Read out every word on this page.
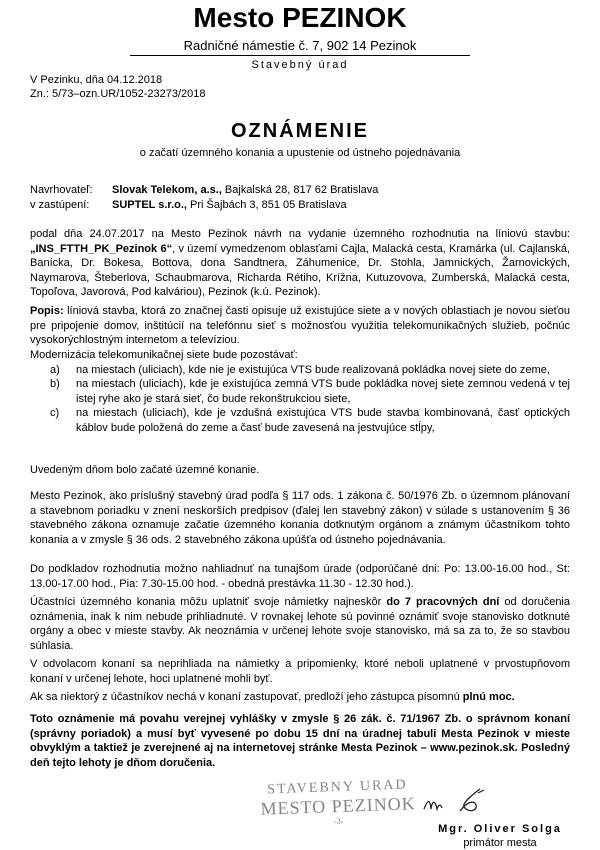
Mesto PEZINOK
Radničné námestie č. 7, 902 14 Pezinok
Stavebný úrad
V Pezinku, dňa 04.12.2018
Zn.: 5/73–ozn.UR/1052-23273/2018
OZNÁMENIE
o začatí územného konania a upustenie od ústneho pojednávania
Navrhovateľ: Slovak Telekom, a.s., Bajkalská 28, 817 62 Bratislava
v zastúpení: SUPTEL s.r.o., Pri Šajbách 3, 851 05 Bratislava
podal dňa 24.07.2017 na Mesto Pezinok návrh na vydanie územného rozhodnutia na líniovú stavbu: „INS_FTTH_PK_Pezinok 6“, v území vymedzenom oblasťami Cajla, Malacká cesta, Kramárka (ul. Cajlanská, Banícka, Dr. Bokesa, Bottova, dona Sandtnera, Záhumenice, Dr. Stohla, Jamnických, Žarnovických, Naymarova, Šteberlova, Schaubmarova, Richarda Rétiho, Krížna, Kutuzovova, Zumberská, Malacká cesta, Topoľova, Javorová, Pod kalváriou), Pezinok (k.ú. Pezinok).
Popis: líniová stavba, ktorá zo značnej časti opisuje už existujúce siete a v nových oblastiach je novou sieťou pre pripojenie domov, inštitúcií na telefónnu sieť s možnosťou využitia telekomunikačných služieb, počnúc vysokorýchlostným internetom a televíziou.
Modernizácia telekomunikačnej siete bude pozostávať:
a)	na miestach (uliciach), kde nie je existujúca VTS bude realizovaná pokládka novej siete do zeme,
b)	na miestach (uliciach), kde je existujúca zemná VTS bude pokládka novej siete zemnou vedená v tej istej ryhe ako je stará sieť, čo bude rekonštrukciou siete,
c)	na miestach (uliciach), kde je vzdušná existujúca VTS bude stavba kombinovaná, časť optických káblov bude položená do zeme a časť bude zavesená na jestvujúce stĺpy,
Uvedeným dňom bolo začaté územné konanie.
Mesto Pezinok, ako príslušný stavebný úrad podľa § 117 ods. 1 zákona č. 50/1976 Zb. o územnom plánovaní a stavebnom poriadku v znení neskorších predpisov (ďalej len stavebný zákon) v súlade s ustanovením § 36 stavebného zákona oznamuje začatie územného konania dotknutým orgánom a známym účastníkom tohto konania a v zmysle § 36 ods. 2 stavebného zákona upúšťa od ústneho pojednávania.
Do podkladov rozhodnutia možno nahliadnuť na tunajšom úrade (odporúčané dni: Po: 13.00-16.00 hod., St: 13.00-17.00 hod., Pia: 7.30-15.00 hod. - obedná prestávka 11.30 - 12.30 hod.).
Účastníci územného konania môžu uplatniť svoje námietky najneskôr do 7 pracovných dní od doručenia oznámenia, inak k nim nebude prihliadnuté. V rovnakej lehote sú povinné oznámiť svoje stanovisko dotknuté orgány a obec v mieste stavby. Ak neoznámia v určenej lehote svoje stanovisko, má sa za to, že so stavbou súhlasia.
V odvolacom konaní sa neprihliada na námietky a pripomienky, ktoré neboli uplatnené v prvostupňovom konaní v určenej lehote, hoci uplatnené mohli byť.
Ak sa niektorý z účastníkov nechá v konaní zastupovať, predloží jeho zástupca písomnú plnú moc.
Toto oznámenie má povahu verejnej vyhlášky v zmysle § 26 zák. č. 71/1967 Zb. o správnom konaní (správny poriadok) a musí byť vyvesené po dobu 15 dní na úradnej tabuli Mesta Pezinok v mieste obvyklým a taktiež je zverejnené aj na internetovej stránke Mesta Pezinok – www.pezinok.sk. Posledný deň tejto lehoty je dňom doručenia.
STAVEBNY URAD
MESTO PEZINOK
-3-
Mgr. Oliver Solga
primátor mesta
